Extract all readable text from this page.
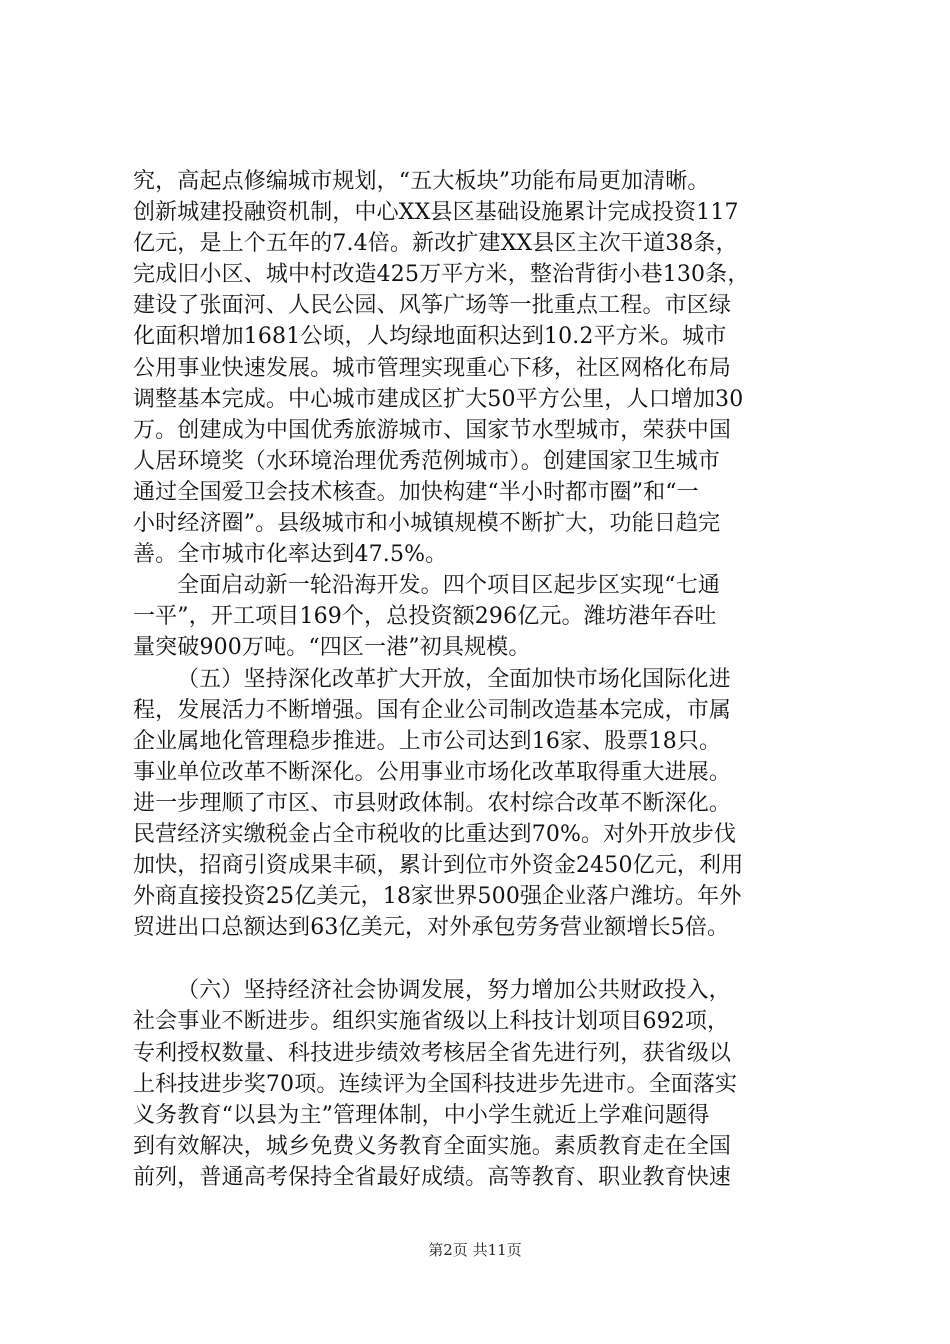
究，高起点修编城市规划，“五大板块”功能布局更加清晰。
创新城建投融资机制，中心XX县区基础设施累计完成投资117
亿元，是上个五年的7.4倍。新改扩建XX县区主次干道38条，
完成旧小区、城中村改造425万平方米，整治背街小巷130条，
建设了张面河、人民公园、风筝广场等一批重点工程。市区绿
化面积增加1681公顷，人均绿地面积达到10.2平方米。城市
公用事业快速发展。城市管理实现重心下移，社区网格化布局
调整基本完成。中心城市建成区扩大50平方公里，人口增加30
万。创建成为中国优秀旅游城市、国家节水型城市，荣获中国
人居环境奖（水环境治理优秀范例城市）。创建国家卫生城市
通过全国爱卫会技术核查。加快构建“半小时都市圈”和“一
小时经济圈”。县级城市和小城镇规模不断扩大，功能日趋完
善。全市城市化率达到47.5%。
全面启动新一轮沿海开发。四个项目区起步区实现“七通
一平”，开工项目169个，总投资额296亿元。潍坊港年吞吐
量突破900万吨。“四区一港”初具规模。
（五）坚持深化改革扩大开放，全面加快市场化国际化进
程，发展活力不断增强。国有企业公司制改造基本完成，市属
企业属地化管理稳步推进。上市公司达到16家、股票18只。
事业单位改革不断深化。公用事业市场化改革取得重大进展。
进一步理顺了市区、市县财政体制。农村综合改革不断深化。
民营经济实缴税金占全市税收的比重达到70%。对外开放步伐
加快，招商引资成果丰硕，累计到位市外资金2450亿元，利用
外商直接投资25亿美元，18家世界500强企业落户潍坊。年外
贸进出口总额达到63亿美元，对外承包劳务营业额增长5倍。
（六）坚持经济社会协调发展，努力增加公共财政投入，
社会事业不断进步。组织实施省级以上科技计划项目692项，
专利授权数量、科技进步绩效考核居全省先进行列，获省级以
上科技进步奖70项。连续评为全国科技进步先进市。全面落实
义务教育“以县为主”管理体制，中小学生就近上学难问题得
到有效解决，城乡免费义务教育全面实施。素质教育走在全国
前列，普通高考保持全省最好成绩。高等教育、职业教育快速
第2页 共11页
